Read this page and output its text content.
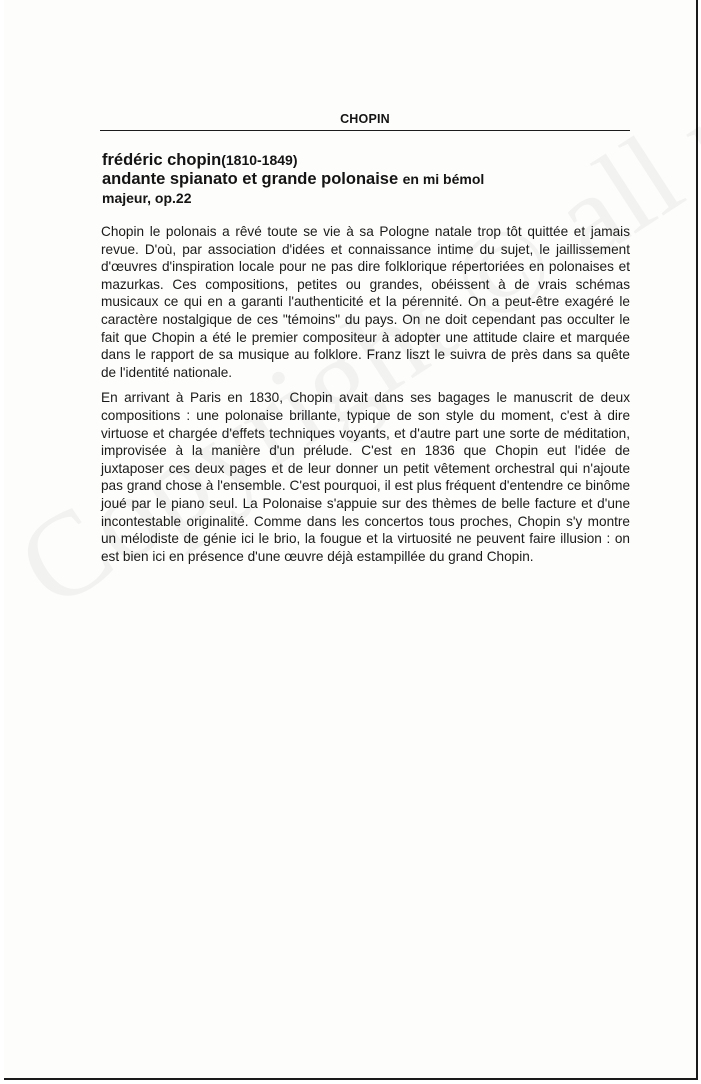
CHOPIN
frédéric chopin(1810-1849)
andante spianato et grande polonaise en mi bémol
majeur, op.22

Chopin le polonais a rêvé toute se vie à sa Pologne natale trop tôt quittée et jamais revue. D'où, par association d'idées et connaissance intime du sujet, le jaillissement d'œuvres d'inspiration locale pour ne pas dire folklorique répertoriées en polonaises et mazurkas. Ces compositions, petites ou grandes, obéissent à de vrais schémas musicaux ce qui en a garanti l'authenticité et la pérennité. On a peut-être exagéré le caractère nostalgique de ces "témoins" du pays. On ne doit cependant pas occulter le fait que Chopin a été le premier compositeur à adopter une attitude claire et marquée dans le rapport de sa musique au folklore. Franz liszt le suivra de près dans sa quête de l'identité nationale.

En arrivant à Paris en 1830, Chopin avait dans ses bagages le manuscrit de deux compositions : une polonaise brillante, typique de son style du moment, c'est à dire virtuose et chargée d'effets techniques voyants, et d'autre part une sorte de méditation, improvisée à la manière d'un prélude. C'est en 1836 que Chopin eut l'idée de juxtaposer ces deux pages et de leur donner un petit vêtement orchestral qui n'ajoute pas grand chose à l'ensemble. C'est pourquoi, il est plus fréquent d'entendre ce binôme joué par le piano seul. La Polonaise s'appuie sur des thèmes de belle facture et d'une incontestable originalité. Comme dans les concertos tous proches, Chopin s'y montre un mélodiste de génie ici le brio, la fougue et la virtuosité ne peuvent faire illusion : on est bien ici en présence d'une œuvre déjà estampillée du grand Chopin.
